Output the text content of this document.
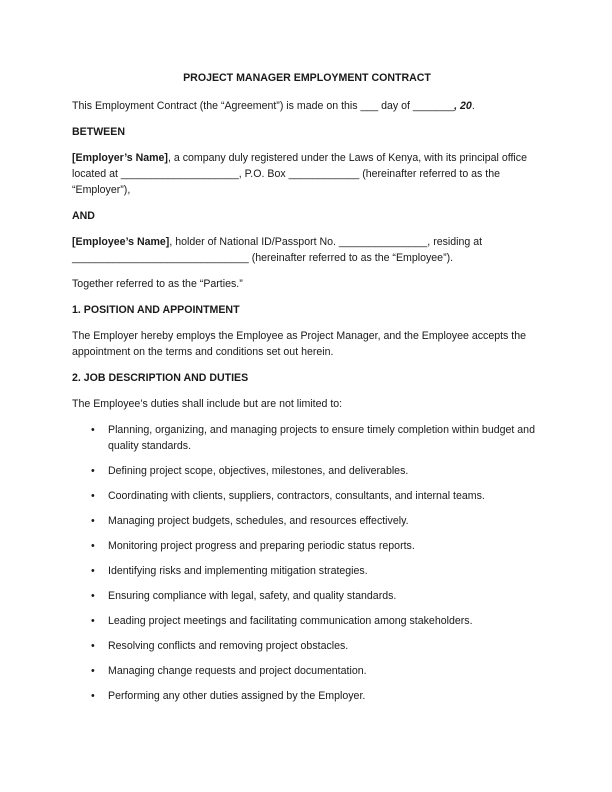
PROJECT MANAGER EMPLOYMENT CONTRACT

This Employment Contract (the “Agreement”) is made on this ___ day of _______, 20.

BETWEEN

[Employer’s Name], a company duly registered under the Laws of Kenya, with its principal office located at ____________________, P.O. Box ____________ (hereinafter referred to as the “Employer”),

AND

[Employee’s Name], holder of National ID/Passport No. _______________, residing at ______________________________ (hereinafter referred to as the “Employee”).

Together referred to as the “Parties.”

1. POSITION AND APPOINTMENT

The Employer hereby employs the Employee as Project Manager, and the Employee accepts the appointment on the terms and conditions set out herein.

2. JOB DESCRIPTION AND DUTIES

The Employee’s duties shall include but are not limited to:

• Planning, organizing, and managing projects to ensure timely completion within budget and quality standards.
• Defining project scope, objectives, milestones, and deliverables.
• Coordinating with clients, suppliers, contractors, consultants, and internal teams.
• Managing project budgets, schedules, and resources effectively.
• Monitoring project progress and preparing periodic status reports.
• Identifying risks and implementing mitigation strategies.
• Ensuring compliance with legal, safety, and quality standards.
• Leading project meetings and facilitating communication among stakeholders.
• Resolving conflicts and removing project obstacles.
• Managing change requests and project documentation.
• Performing any other duties assigned by the Employer.
